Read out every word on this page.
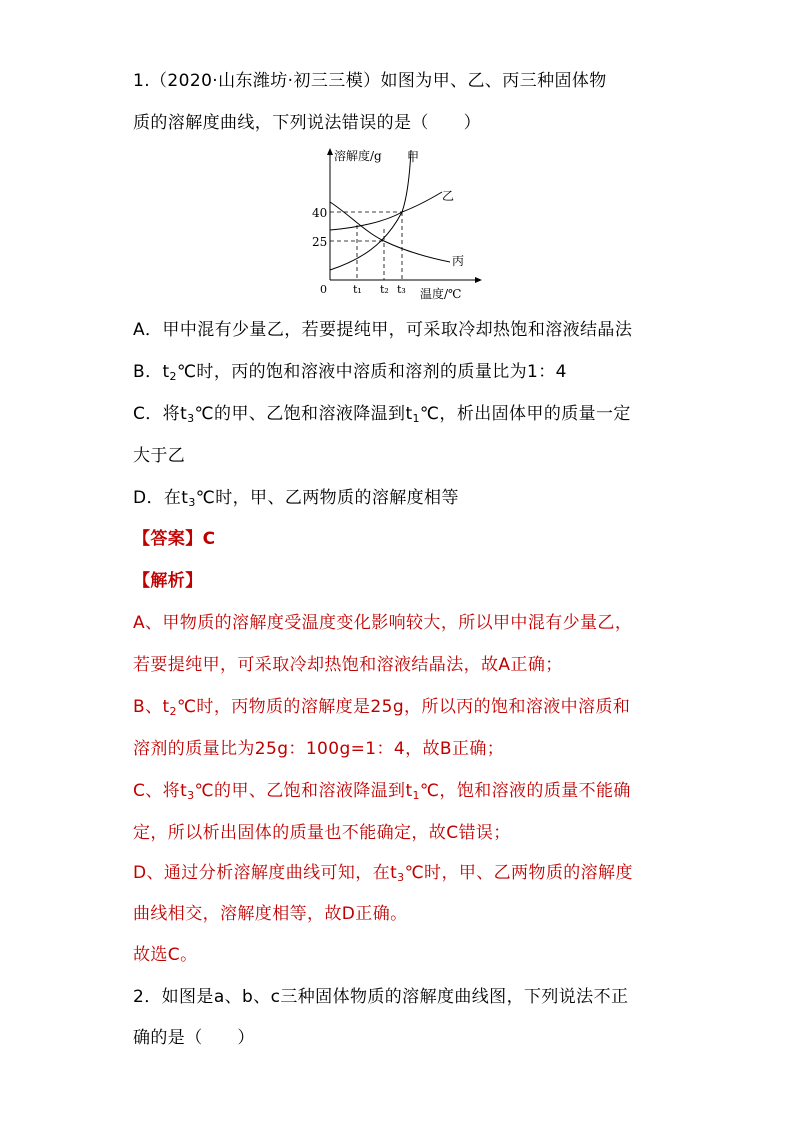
1.（2020·山东潍坊·初三三模）如图为甲、乙、丙三种固体物
质的溶解度曲线，下列说法错误的是（　　）
溶解度/g 甲
乙
丙
40
25
0 t₁ t₂ t₃ 温度/℃
A．甲中混有少量乙，若要提纯甲，可采取冷却热饱和溶液结晶法
B．$t_2℃$时，丙的饱和溶液中溶质和溶剂的质量比为1：4
C．将$t_3℃$的甲、乙饱和溶液降温到$t_1℃$，析出固体甲的质量一定
大于乙
D．在$t_3℃$时，甲、乙两物质的溶解度相等
【答案】C
【解析】
A、甲物质的溶解度受温度变化影响较大，所以甲中混有少量乙，
若要提纯甲，可采取冷却热饱和溶液结晶法，故A正确；
B、$t_2℃$时，丙物质的溶解度是25g，所以丙的饱和溶液中溶质和
溶剂的质量比为25g：100g=1：4，故B正确；
C、将$t_3℃$的甲、乙饱和溶液降温到$t_1℃$，饱和溶液的质量不能确
定，所以析出固体的质量也不能确定，故C错误；
D、通过分析溶解度曲线可知，在$t_3℃$时，甲、乙两物质的溶解度
曲线相交，溶解度相等，故D正确。
故选C。
2．如图是a、b、c三种固体物质的溶解度曲线图，下列说法不正
确的是（　　）
